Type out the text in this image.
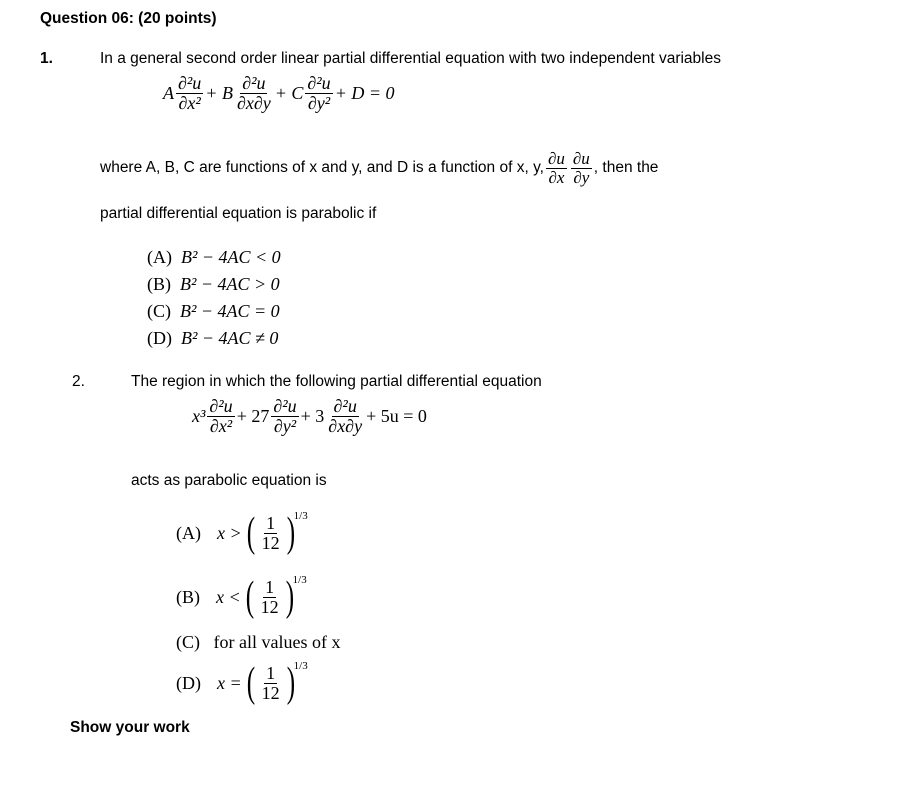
Question 06: (20 points)
1.	In a general second order linear partial differential equation with two independent variables
A $\frac{\text{∂²u}}{\text{∂x²}} + B \frac{\text{∂²u}}{\partial x\partial y} + C \frac{\text{∂²u}}{\text{∂y²}} + D = 0$
where A, B, C are functions of x and y, and D is a function of x, y, $\frac{\partial u}{\partial x} \frac{\partial u}{\partial y}$ , then the
partial differential equation is parabolic if
(A) B² − 4AC < 0
(B) B² − 4AC > 0
(C) B² − 4AC = 0
(D) B² − 4AC ≠ 0
2.	The region in which the following partial differential equation
$x^3 \frac{\text{∂²u}}{\text{∂x²}} + 27 \frac{\text{∂²u}}{\text{∂y²}} + 3 \frac{\text{∂²u}}{\partial x\partial y} + 5u = 0$
acts as parabolic equation is
(A) x > ( $\frac{1}{12}$ )
1/3
(B) x < ( $\frac{1}{12}$ )
1/3
(C) for all values of x
(D) x = ( $\frac{1}{12}$ )
1/3
Show your work
